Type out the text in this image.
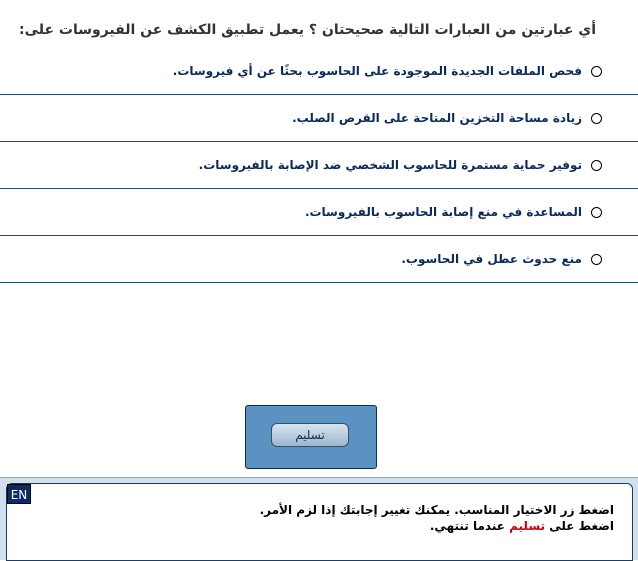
أي عبارتين من العبارات التالية صحيحتان ؟ يعمل تطبيق الكشف عن الفيروسات على:
فحص الملفات الجديدة الموجودة على الحاسوب بحثًا عن أي فيروسات.
زيادة مساحة التخزين المتاحة على القرص الصلب.
توفير حماية مستمرة للحاسوب الشخصي ضد الإصابة بالفيروسات.
المساعدة في منع إصابة الحاسوب بالفيروسات.
منع حدوث عطل في الحاسوب.
تسليم
EN
اضغط زر الاختيار المناسب. يمكنك تغيير إجابتك إذا لزم الأمر.
اضغط على تسليم عندما تنتهي.
